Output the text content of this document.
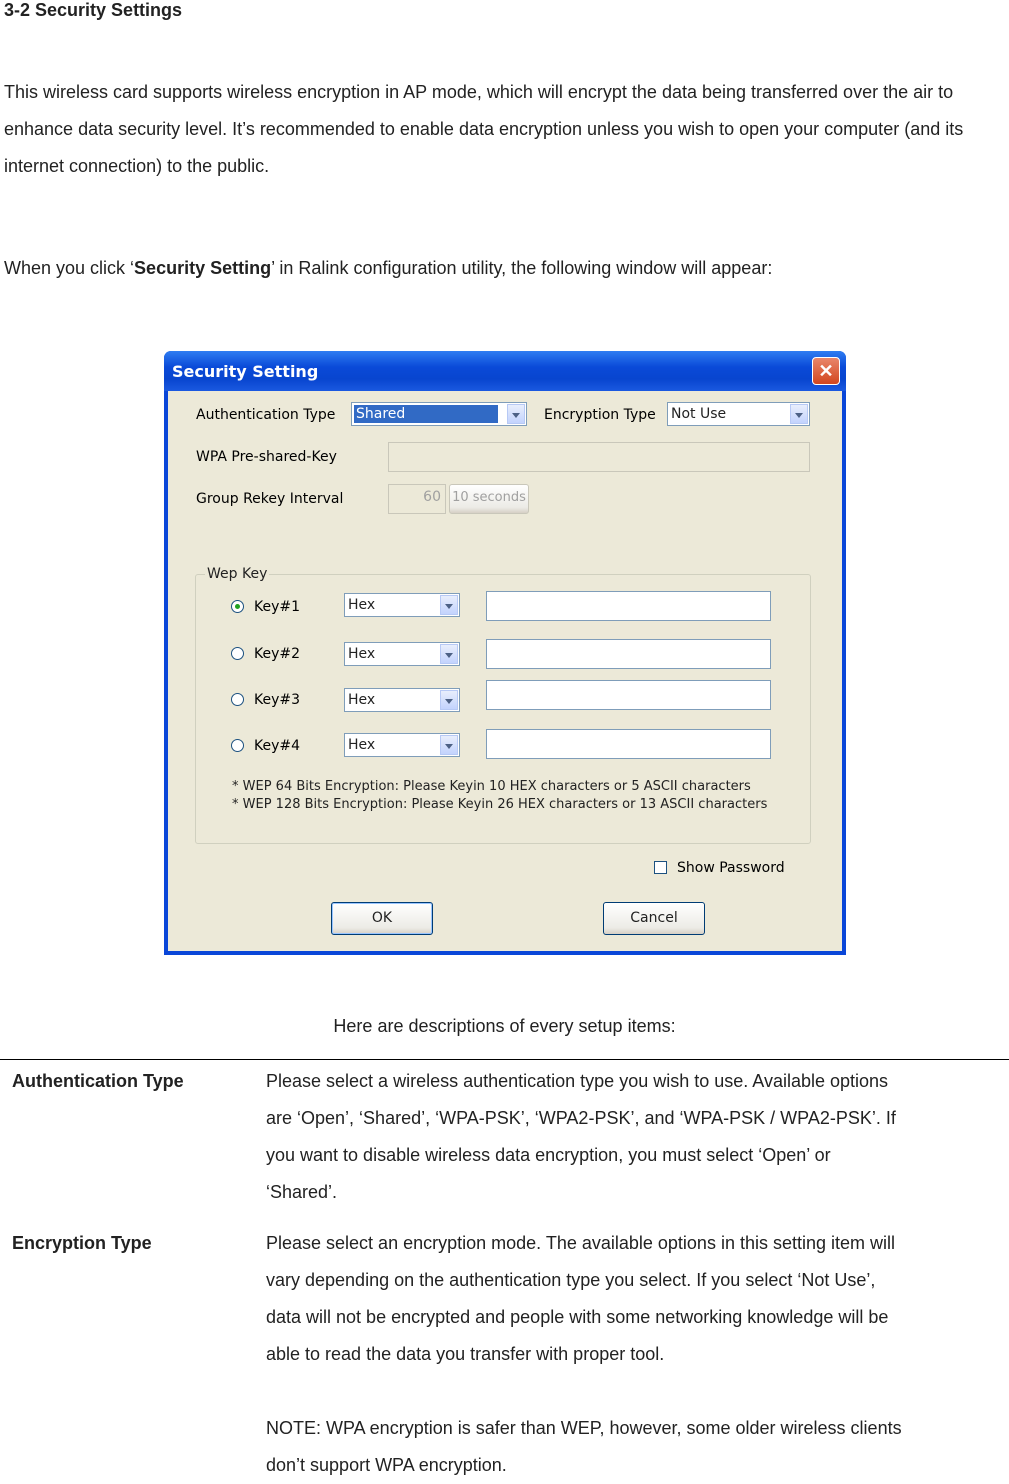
3-2 Security Settings
This wireless card supports wireless encryption in AP mode, which will encrypt the data being transferred over the air to enhance data security level. It’s recommended to enable data encryption unless you wish to open your computer (and its internet connection) to the public.
When you click ‘Security Setting’ in Ralink configuration utility, the following window will appear:
Security Setting	✕
Authentication Type Shared	Encryption Type Not Use
WPA Pre-shared-Key
Group Rekey Interval	60 10 seconds
Wep Key
Key#1	Hex
Key#2	Hex
Key#3	Hex
Key#4	Hex
* WEP 64 Bits Encryption: Please Keyin 10 HEX characters or 5 ASCII characters
* WEP 128 Bits Encryption: Please Keyin 26 HEX characters or 13 ASCII characters
Show Password
OK	Cancel
Here are descriptions of every setup items:
Authentication Type	Please select a wireless authentication type you wish to use. Available options
are ‘Open’, ‘Shared’, ‘WPA-PSK’, ‘WPA2-PSK’, and ‘WPA-PSK / WPA2-PSK’. If
you want to disable wireless data encryption, you must select ‘Open’ or
‘Shared’.
Encryption Type	Please select an encryption mode. The available options in this setting item will
vary depending on the authentication type you select. If you select ‘Not Use’,
data will not be encrypted and people with some networking knowledge will be
able to read the data you transfer with proper tool.
NOTE: WPA encryption is safer than WEP, however, some older wireless clients
don’t support WPA encryption.
